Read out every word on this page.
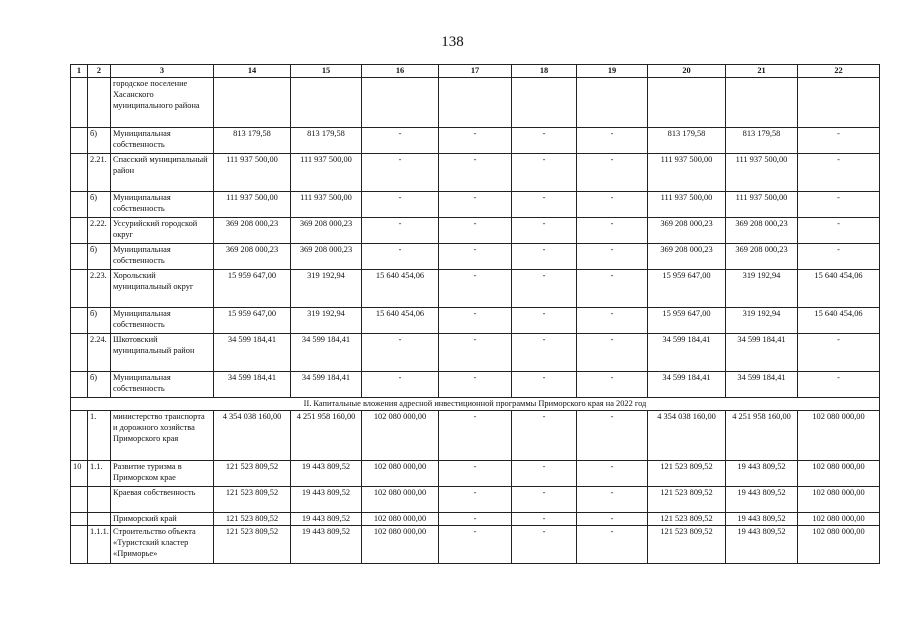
138
1	2	3	14	15	16	17	18	19	20	21	22
		городское поселение Хасанского муниципального района									
	б)	Муниципальная собственность	813 179,58	813 179,58	-	-	-	-	813 179,58	813 179,58	-
	2.21.	Спасский муниципальный район	111 937 500,00	111 937 500,00	-	-	-	-	111 937 500,00	111 937 500,00	-
	б)	Муниципальная собственность	111 937 500,00	111 937 500,00	-	-	-	-	111 937 500,00	111 937 500,00	-
	2.22.	Уссурийский городской округ	369 208 000,23	369 208 000,23	-	-	-	-	369 208 000,23	369 208 000,23	-
	б)	Муниципальная собственность	369 208 000,23	369 208 000,23	-	-	-	-	369 208 000,23	369 208 000,23	-
	2.23.	Хорольский муниципальный округ	15 959 647,00	319 192,94	15 640 454,06	-	-	-	15 959 647,00	319 192,94	15 640 454,06
	б)	Муниципальная собственность	15 959 647,00	319 192,94	15 640 454,06	-	-	-	15 959 647,00	319 192,94	15 640 454,06
	2.24.	Шкотовский муниципальный район	34 599 184,41	34 599 184,41	-	-	-	-	34 599 184,41	34 599 184,41	-
	б)	Муниципальная собственность	34 599 184,41	34 599 184,41	-	-	-	-	34 599 184,41	34 599 184,41	-
II. Капитальные вложения адресной инвестиционной программы Приморского края на 2022 год											
	1.	министерство транспорта и дорожного хозяйства Приморского края	4 354 038 160,00	4 251 958 160,00	102 080 000,00	-	-	-	4 354 038 160,00	4 251 958 160,00	102 080 000,00
10	1.1.	Развитие туризма в Приморском крае	121 523 809,52	19 443 809,52	102 080 000,00	-	-	-	121 523 809,52	19 443 809,52	102 080 000,00
		Краевая собственность	121 523 809,52	19 443 809,52	102 080 000,00	-	-	-	121 523 809,52	19 443 809,52	102 080 000,00
		Приморский край	121 523 809,52	19 443 809,52	102 080 000,00	-	-	-	121 523 809,52	19 443 809,52	102 080 000,00
	1.1.1.	Строительство объекта «Туристский кластер «Приморье»	121 523 809,52	19 443 809,52	102 080 000,00	-	-	-	121 523 809,52	19 443 809,52	102 080 000,00
